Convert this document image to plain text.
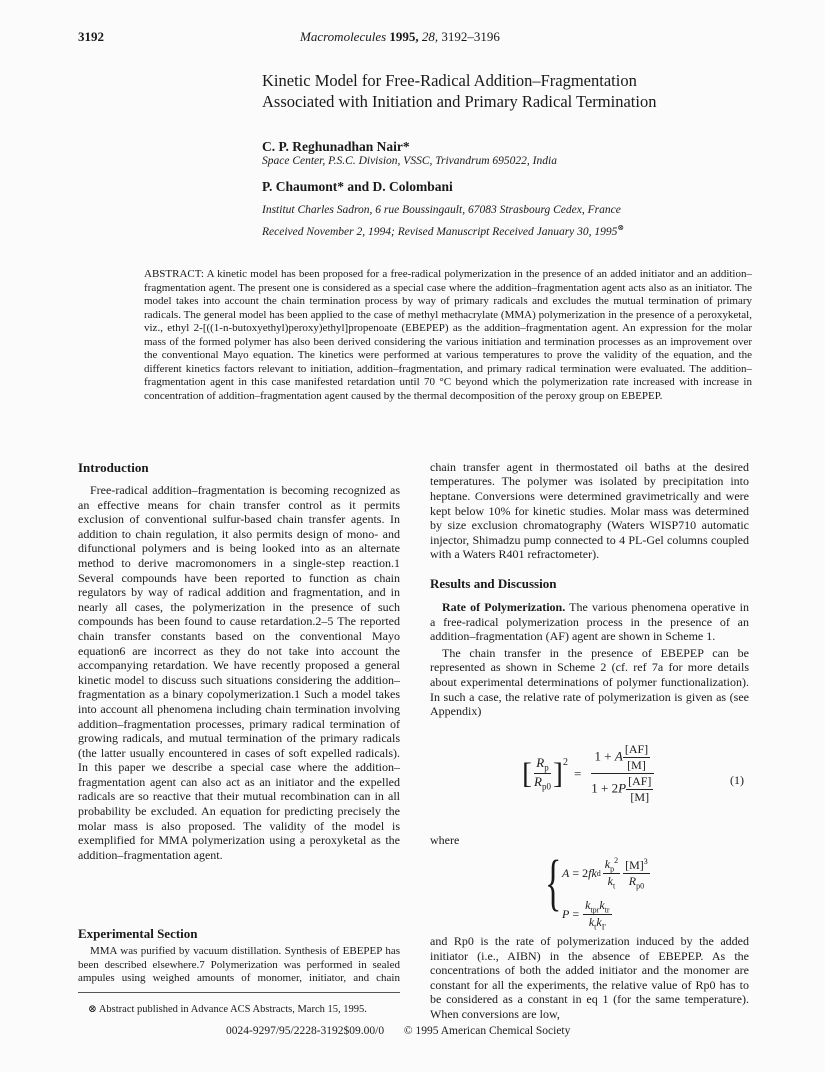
3192	Macromolecules 1995, 28, 3192–3196
Kinetic Model for Free-Radical Addition–Fragmentation
Associated with Initiation and Primary Radical Termination
C. P. Reghunadhan Nair*
Space Center, P.S.C. Division, VSSC, Trivandrum 695022, India
P. Chaumont* and D. Colombani
Institut Charles Sadron, 6 rue Boussingault, 67083 Strasbourg Cedex, France
Received November 2, 1994; Revised Manuscript Received January 30, 1995⊗
ABSTRACT: A kinetic model has been proposed for a free-radical polymerization in the presence of an added initiator and an addition–fragmentation agent. The present one is considered as a special case where the addition–fragmentation agent acts also as an initiator. The model takes into account the chain termination process by way of primary radicals and excludes the mutual termination of primary radicals. The general model has been applied to the case of methyl methacrylate (MMA) polymerization in the presence of a peroxyketal, viz., ethyl 2-[((1-n-butoxyethyl)peroxy)ethyl]propenoate (EBEPEP) as the addition–fragmentation agent. An expression for the molar mass of the formed polymer has also been derived considering the various initiation and termination processes as an improvement over the conventional Mayo equation. The kinetics were performed at various temperatures to prove the validity of the equation, and the different kinetics factors relevant to initiation, addition–fragmentation, and primary radical termination were evaluated. The addition–fragmentation agent in this case manifested retardation until 70 °C beyond which the polymerization rate increased with increase in concentration of addition–fragmentation agent caused by the thermal decomposition of the peroxy group on EBEPEP.
Introduction
Free-radical addition–fragmentation is becoming recognized as an effective means for chain transfer control as it permits exclusion of conventional sulfur-based chain transfer agents. In addition to chain regulation, it also permits design of mono- and difunctional polymers and is being looked into as an alternate method to derive macromonomers in a single-step reaction.1 Several compounds have been reported to function as chain regulators by way of radical addition and fragmentation, and in nearly all cases, the polymerization in the presence of such compounds has been found to cause retardation.2–5 The reported chain transfer constants based on the conventional Mayo equation6 are incorrect as they do not take into account the accompanying retardation. We have recently proposed a general kinetic model to discuss such situations considering the addition–fragmentation as a binary copolymerization.1 Such a model takes into account all phenomena including chain termination involving addition–fragmentation processes, primary radical termination of growing radicals, and mutual termination of the primary radicals (the latter usually encountered in cases of soft expelled radicals). In this paper we describe a special case where the addition–fragmentation agent can also act as an initiator and the expelled radicals are so reactive that their mutual recombination can in all probability be excluded. An equation for predicting precisely the molar mass is also proposed. The validity of the model is exemplified for MMA polymerization using a peroxyketal as the addition–fragmentation agent.
Experimental Section
MMA was purified by vacuum distillation. Synthesis of EBEPEP has been described elsewhere.7 Polymerization was performed in sealed ampules using weighed amounts of monomer, initiator, and chain
⊗ Abstract published in Advance ACS Abstracts, March 15, 1995.
chain transfer agent in thermostated oil baths at the desired temperatures. The polymer was isolated by precipitation into heptane. Conversions were determined gravimetrically and were kept below 10% for kinetic studies. Molar mass was determined by size exclusion chromatography (Waters WISP710 automatic injector, Shimadzu pump connected to 4 PL-Gel columns coupled with a Waters R401 refractometer).
Results and Discussion
Rate of Polymerization. The various phenomena operative in a free-radical polymerization process in the presence of an addition–fragmentation (AF) agent are shown in Scheme 1.
The chain transfer in the presence of EBEPEP can be represented as shown in Scheme 2 (cf. ref 7a for more details about experimental determinations of polymer functionalization). In such a case, the relative rate of polymerization is given as (see Appendix)
[ $\frac{R_p}{R_{p0}}$ ] 2
= $\frac{1 + A \frac{[AF]}{[M]}}{1 + 2P \frac{[AF]}{[M]}}$	(1)
where
{ A = 2 fk d $\frac{k_p^2}{k_t} \frac{[M]^3}{R_{p0}}$
$P = \frac{k_{tpr}k_{tr}}{k_tk_{I'}}$
and Rp0 is the rate of polymerization induced by the added initiator (i.e., AIBN) in the absence of EBEPEP. As the concentrations of both the added initiator and the monomer are constant for all the experiments, the relative value of Rp0 has to be considered as a constant in eq 1 (for the same temperature). When conversions are low,
0024-9297/95/2228-3192$09.00/0 © 1995 American Chemical Society
